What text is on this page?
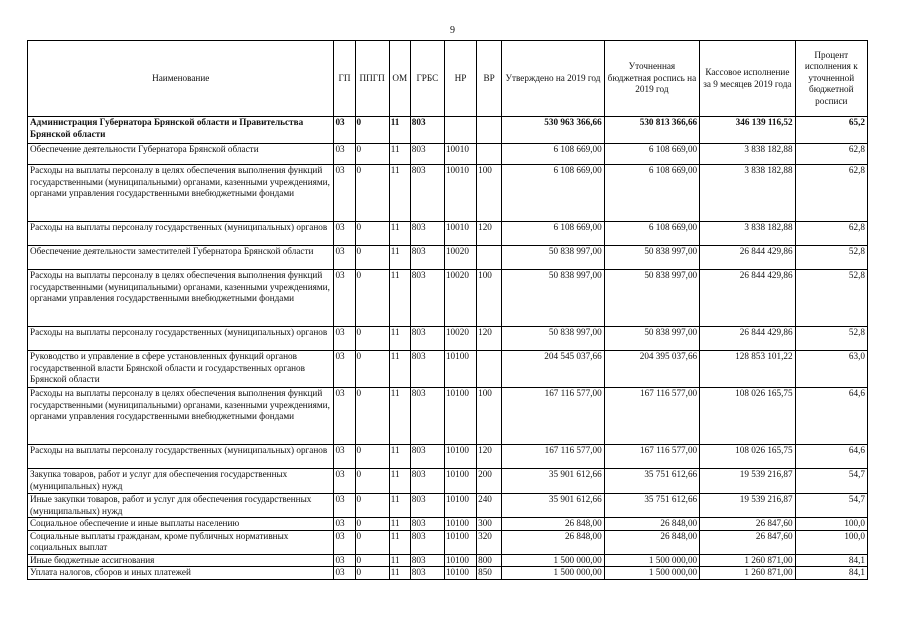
9
Наименование	ГП	ППГП	ОМ	ГРБС	НР	ВР	Утверждено на 2019 год	Уточненная бюджетная роспись на 2019 год	Кассовое исполнение за 9 месяцев 2019 года	Процент исполнения к уточненной бюджетной росписи
Администрация Губернатора Брянской области и Правительства Брянской области	03	0	11	803			530 963 366,66	530 813 366,66	346 139 116,52	65,2
Обеспечение деятельности Губернатора Брянской области	03	0	11	803	10010		6 108 669,00	6 108 669,00	3 838 182,88	62,8
Расходы на выплаты персоналу в целях обеспечения выполнения функций государственными (муниципальными) органами, казенными учреждениями, органами управления государственными внебюджетными фондами	03	0	11	803	10010	100	6 108 669,00	6 108 669,00	3 838 182,88	62,8
Расходы на выплаты персоналу государственных (муниципальных) органов	03	0	11	803	10010	120	6 108 669,00	6 108 669,00	3 838 182,88	62,8
Обеспечение деятельности заместителей Губернатора Брянской области	03	0	11	803	10020		50 838 997,00	50 838 997,00	26 844 429,86	52,8
Расходы на выплаты персоналу в целях обеспечения выполнения функций государственными (муниципальными) органами, казенными учреждениями, органами управления государственными внебюджетными фондами	03	0	11	803	10020	100	50 838 997,00	50 838 997,00	26 844 429,86	52,8
Расходы на выплаты персоналу государственных (муниципальных) органов	03	0	11	803	10020	120	50 838 997,00	50 838 997,00	26 844 429,86	52,8
Руководство и управление в сфере установленных функций органов государственной власти Брянской области и государственных органов Брянской области	03	0	11	803	10100		204 545 037,66	204 395 037,66	128 853 101,22	63,0
Расходы на выплаты персоналу в целях обеспечения выполнения функций государственными (муниципальными) органами, казенными учреждениями, органами управления государственными внебюджетными фондами	03	0	11	803	10100	100	167 116 577,00	167 116 577,00	108 026 165,75	64,6
Расходы на выплаты персоналу государственных (муниципальных) органов	03	0	11	803	10100	120	167 116 577,00	167 116 577,00	108 026 165,75	64,6
Закупка товаров, работ и услуг для обеспечения государственных (муниципальных) нужд	03	0	11	803	10100	200	35 901 612,66	35 751 612,66	19 539 216,87	54,7
Иные закупки товаров, работ и услуг для обеспечения государственных (муниципальных) нужд	03	0	11	803	10100	240	35 901 612,66	35 751 612,66	19 539 216,87	54,7
Социальное обеспечение и иные выплаты населению	03	0	11	803	10100	300	26 848,00	26 848,00	26 847,60	100,0
Социальные выплаты гражданам, кроме публичных нормативных социальных выплат	03	0	11	803	10100	320	26 848,00	26 848,00	26 847,60	100,0
Иные бюджетные ассигнования	03	0	11	803	10100	800	1 500 000,00	1 500 000,00	1 260 871,00	84,1
Уплата налогов, сборов и иных платежей	03	0	11	803	10100	850	1 500 000,00	1 500 000,00	1 260 871,00	84,1
